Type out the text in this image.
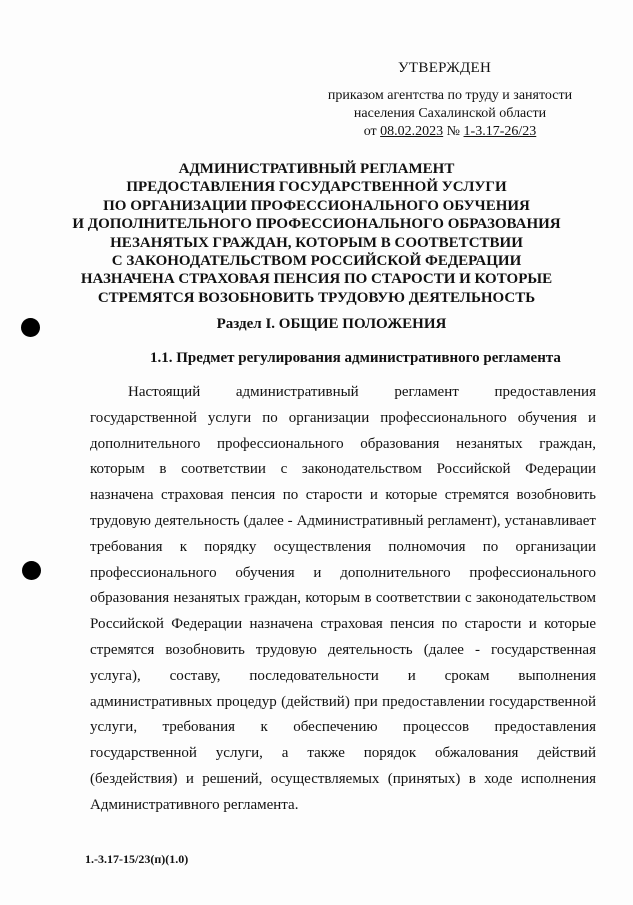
УТВЕРЖДЕН
приказом агентства по труду и занятости
населения Сахалинской области
от 08.02.2023 № 1-3.17-26/23
АДМИНИСТРАТИВНЫЙ РЕГЛАМЕНТ
ПРЕДОСТАВЛЕНИЯ ГОСУДАРСТВЕННОЙ УСЛУГИ
ПО ОРГАНИЗАЦИИ ПРОФЕССИОНАЛЬНОГО ОБУЧЕНИЯ
И ДОПОЛНИТЕЛЬНОГО ПРОФЕССИОНАЛЬНОГО ОБРАЗОВАНИЯ
НЕЗАНЯТЫХ ГРАЖДАН, КОТОРЫМ В СООТВЕТСТВИИ
С ЗАКОНОДАТЕЛЬСТВОМ РОССИЙСКОЙ ФЕДЕРАЦИИ
НАЗНАЧЕНА СТРАХОВАЯ ПЕНСИЯ ПО СТАРОСТИ И КОТОРЫЕ
СТРЕМЯТСЯ ВОЗОБНОВИТЬ ТРУДОВУЮ ДЕЯТЕЛЬНОСТЬ
Раздел I. ОБЩИЕ ПОЛОЖЕНИЯ
1.1. Предмет регулирования административного регламента

Настоящий административный регламент предоставления государственной услуги по организации профессионального обучения и дополнительного профессионального образования незанятых граждан, которым в соответствии с законодательством Российской Федерации назначена страховая пенсия по старости и которые стремятся возобновить трудовую деятельность (далее - Административный регламент), устанавливает требования к порядку осуществления полномочия по организации профессионального обучения и дополнительного профессионального образования незанятых граждан, которым в соответствии с законодательством Российской Федерации назначена страховая пенсия по старости и которые стремятся возобновить трудовую деятельность (далее - государственная услуга), составу, последовательности и срокам выполнения административных процедур (действий) при предоставлении государственной услуги, требования к обеспечению процессов предоставления государственной услуги, а также порядок обжалования действий (бездействия) и решений, осуществляемых (принятых) в ходе исполнения Административного регламента.

1.-3.17-15/23(п)(1.0)
